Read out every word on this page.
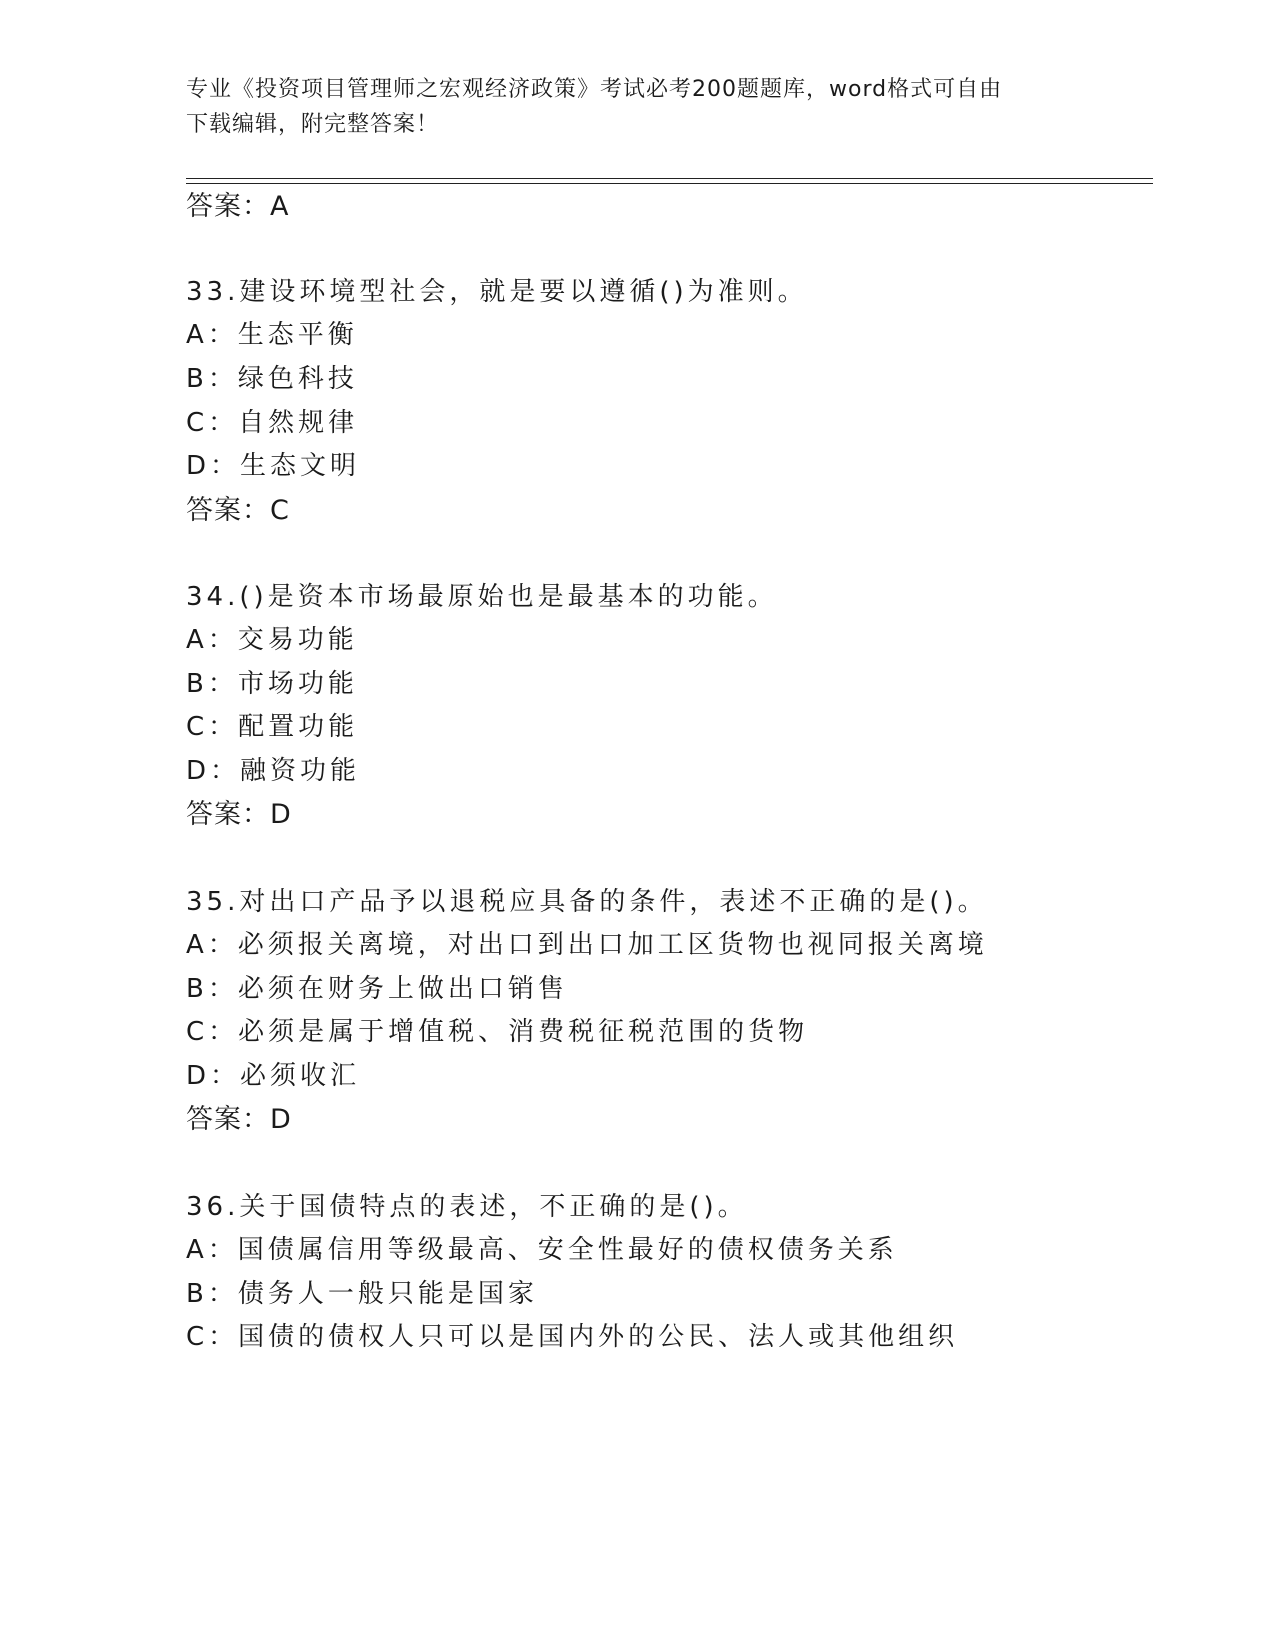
专业《投资项目管理师之宏观经济政策》考试必考200题题库，word格式可自由
下载编辑，附完整答案！
答案：A
33.建设环境型社会，就是要以遵循()为准则。
A：生态平衡
B：绿色科技
C：自然规律
D：生态文明
答案：C
34.()是资本市场最原始也是最基本的功能。
A：交易功能
B：市场功能
C：配置功能
D：融资功能
答案：D
35.对出口产品予以退税应具备的条件，表述不正确的是()。
A：必须报关离境，对出口到出口加工区货物也视同报关离境
B：必须在财务上做出口销售
C：必须是属于增值税、消费税征税范围的货物
D：必须收汇
答案：D
36.关于国债特点的表述，不正确的是()。
A：国债属信用等级最高、安全性最好的债权债务关系
B：债务人一般只能是国家
C：国债的债权人只可以是国内外的公民、法人或其他组织
